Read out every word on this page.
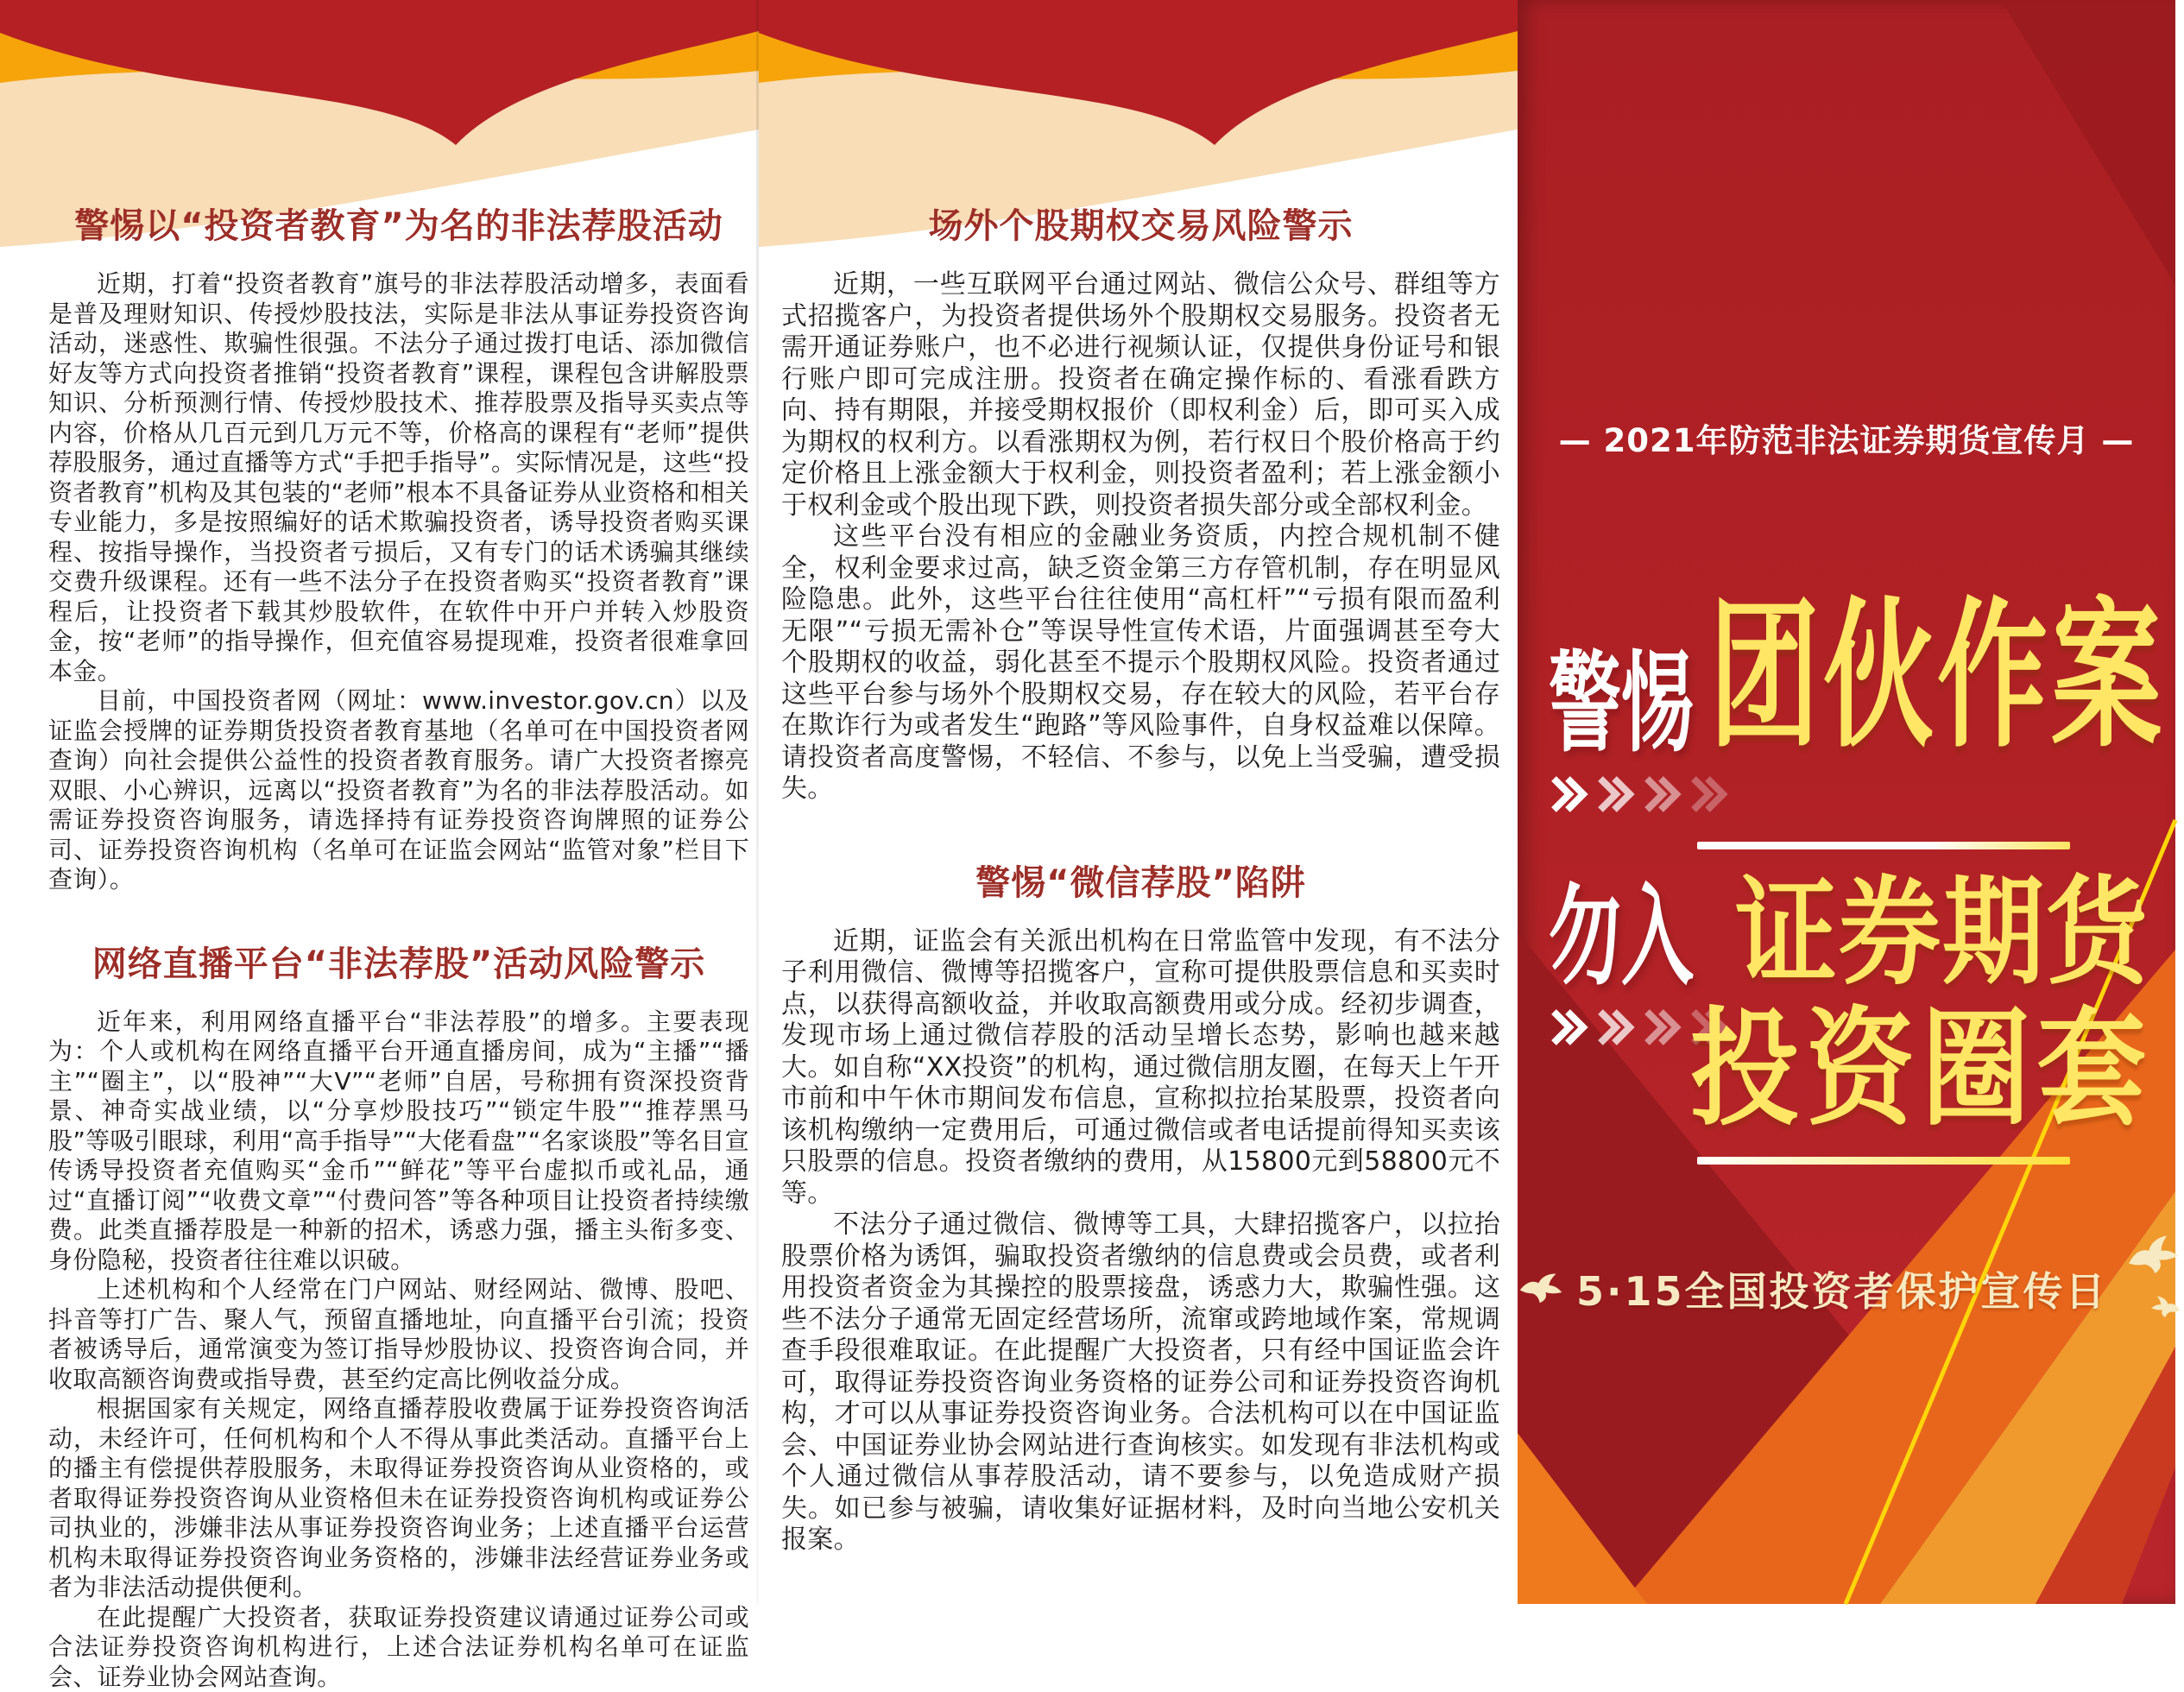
警惕以“投资者教育”为名的非法荐股活动

近期，打着“投资者教育”旗号的非法荐股活动增多，表面看是普及理财知识、传授炒股技法，实际是非法从事证券投资咨询活动，迷惑性、欺骗性很强。不法分子通过拨打电话、添加微信好友等方式向投资者推销“投资者教育”课程，课程包含讲解股票知识、分析预测行情、传授炒股技术、推荐股票及指导买卖点等内容，价格从几百元到几万元不等，价格高的课程有“老师”提供荐股服务，通过直播等方式“手把手指导”。实际情况是，这些“投资者教育”机构及其包装的“老师”根本不具备证券从业资格和相关专业能力，多是按照编好的话术欺骗投资者，诱导投资者购买课程、按指导操作，当投资者亏损后，又有专门的话术诱骗其继续交费升级课程。还有一些不法分子在投资者购买“投资者教育”课程后，让投资者下载其炒股软件，在软件中开户并转入炒股资金，按“老师”的指导操作，但充值容易提现难，投资者很难拿回本金。

目前，中国投资者网（网址：www.investor.gov.cn）以及证监会授牌的证券期货投资者教育基地（名单可在中国投资者网查询）向社会提供公益性的投资者教育服务。请广大投资者擦亮双眼、小心辨识，远离以“投资者教育”为名的非法荐股活动。如需证券投资咨询服务，请选择持有证券投资咨询牌照的证券公司、证券投资咨询机构（名单可在证监会网站“监管对象”栏目下查询）。

网络直播平台“非法荐股”活动风险警示

近年来，利用网络直播平台“非法荐股”的增多。主要表现为：个人或机构在网络直播平台开通直播房间，成为“主播”“播主”“圈主”，以“股神”“大V”“老师”自居，号称拥有资深投资背景、神奇实战业绩，以“分享炒股技巧”“锁定牛股”“推荐黑马股”等吸引眼球，利用“高手指导”“大佬看盘”“名家谈股”等名目宣传诱导投资者充值购买“金币”“鲜花”等平台虚拟币或礼品，通过“直播订阅”“收费文章”“付费问答”等各种项目让投资者持续缴费。此类直播荐股是一种新的招术，诱惑力强，播主头衔多变、身份隐秘，投资者往往难以识破。

上述机构和个人经常在门户网站、财经网站、微博、股吧、抖音等打广告、聚人气，预留直播地址，向直播平台引流；投资者被诱导后，通常演变为签订指导炒股协议、投资咨询合同，并收取高额咨询费或指导费，甚至约定高比例收益分成。

根据国家有关规定，网络直播荐股收费属于证券投资咨询活动，未经许可，任何机构和个人不得从事此类活动。直播平台上的播主有偿提供荐股服务，未取得证券投资咨询从业资格的，或者取得证券投资咨询从业资格但未在证券投资咨询机构或证券公司执业的，涉嫌非法从事证券投资咨询业务；上述直播平台运营机构未取得证券投资咨询业务资格的，涉嫌非法经营证券业务或者为非法活动提供便利。

在此提醒广大投资者，获取证券投资建议请通过证券公司或合法证券投资咨询机构进行，上述合法证券机构名单可在证监会、证券业协会网站查询。

场外个股期权交易风险警示

近期，一些互联网平台通过网站、微信公众号、群组等方式招揽客户，为投资者提供场外个股期权交易服务。投资者无需开通证券账户，也不必进行视频认证，仅提供身份证号和银行账户即可完成注册。投资者在确定操作标的、看涨看跌方向、持有期限，并接受期权报价（即权利金）后，即可买入成为期权的权利方。以看涨期权为例，若行权日个股价格高于约定价格且上涨金额大于权利金，则投资者盈利；若上涨金额小于权利金或个股出现下跌，则投资者损失部分或全部权利金。

这些平台没有相应的金融业务资质，内控合规机制不健全，权利金要求过高，缺乏资金第三方存管机制，存在明显风险隐患。此外，这些平台往往使用“高杠杆”“亏损有限而盈利无限”“亏损无需补仓”等误导性宣传术语，片面强调甚至夸大个股期权的收益，弱化甚至不提示个股期权风险。投资者通过这些平台参与场外个股期权交易，存在较大的风险，若平台存在欺诈行为或者发生“跑路”等风险事件，自身权益难以保障。请投资者高度警惕，不轻信、不参与，以免上当受骗，遭受损失。

警惕“微信荐股”陷阱

近期，证监会有关派出机构在日常监管中发现，有不法分子利用微信、微博等招揽客户，宣称可提供股票信息和买卖时点，以获得高额收益，并收取高额费用或分成。经初步调查，发现市场上通过微信荐股的活动呈增长态势，影响也越来越大。如自称“XX投资”的机构，通过微信朋友圈，在每天上午开市前和中午休市期间发布信息，宣称拟拉抬某股票，投资者向该机构缴纳一定费用后，可通过微信或者电话提前得知买卖该只股票的信息。投资者缴纳的费用，从15800元到58800元不等。

不法分子通过微信、微博等工具，大肆招揽客户，以拉抬股票价格为诱饵，骗取投资者缴纳的信息费或会员费，或者利用投资者资金为其操控的股票接盘，诱惑力大，欺骗性强。这些不法分子通常无固定经营场所，流窜或跨地域作案，常规调查手段很难取证。在此提醒广大投资者，只有经中国证监会许可，取得证券投资咨询业务资格的证券公司和证券投资咨询机构，才可以从事证券投资咨询业务。合法机构可以在中国证监会、中国证券业协会网站进行查询核实。如发现有非法机构或个人通过微信从事荐股活动，请不要参与，以免造成财产损失。如已参与被骗，请收集好证据材料，及时向当地公安机关报案。

— 2021年防范非法证券期货宣传月 —
警惕 团伙作案
勿入 证券期货
投资圈套
5·15全国投资者保护宣传日
